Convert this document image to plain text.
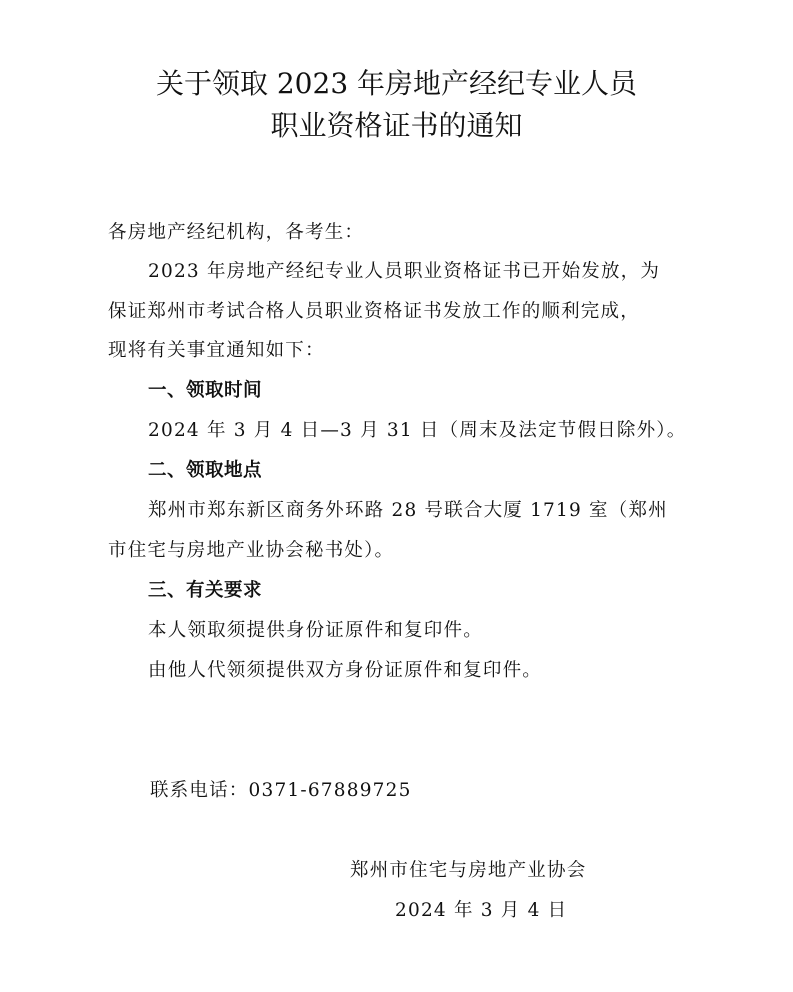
关于领取 2023 年房地产经纪专业人员
职业资格证书的通知
各房地产经纪机构，各考生：
2023 年房地产经纪专业人员职业资格证书已开始发放，为
保证郑州市考试合格人员职业资格证书发放工作的顺利完成，
现将有关事宜通知如下：
一、领取时间
2024 年 3 月 4 日—3 月 31 日（周末及法定节假日除外）。
二、领取地点
郑州市郑东新区商务外环路 28 号联合大厦 1719 室（郑州
市住宅与房地产业协会秘书处）。
三、有关要求
本人领取须提供身份证原件和复印件。
由他人代领须提供双方身份证原件和复印件。
联系电话：0371-67889725
郑州市住宅与房地产业协会
2024 年 3 月 4 日
